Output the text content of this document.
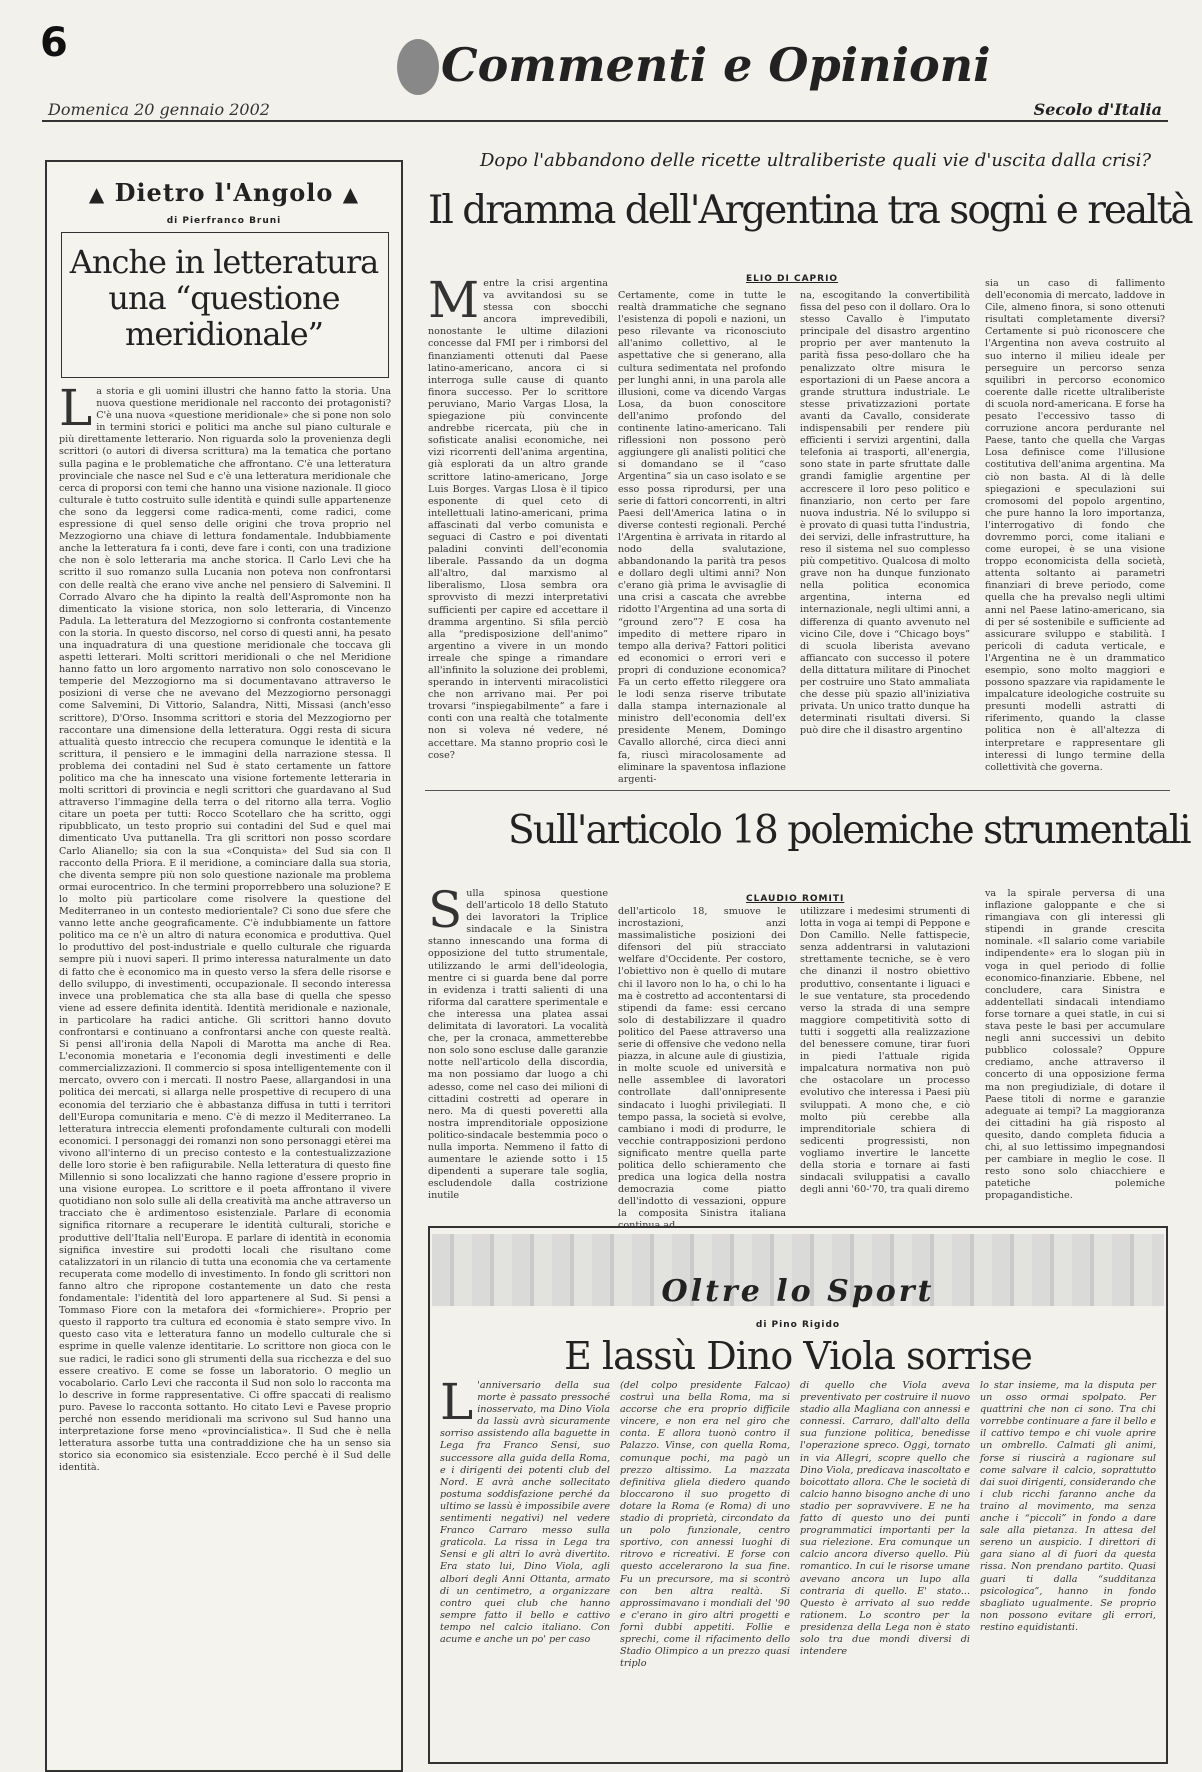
6	Commenti e Opinioni
Domenica 20 gennaio 2002	Secolo d'Italia
▲ Dietro l'Angolo ▲
di Pierfranco Bruni
Anche in letteratura una “questione meridionale”
La storia e gli uomini illustri che hanno fatto la storia. Una nuova questione meridionale nel racconto dei protagonisti? C'è una nuova «questione meridionale» che si pone non solo in termini storici e politici ma anche sul piano culturale e più direttamente letterario. Non riguarda solo la provenienza degli scrittori (o autori di diversa scrittura) ma la tematica che portano sulla pagina e le problematiche che affrontano. C'è una letteratura provinciale che nasce nel Sud e c'è una letteratura meridionale che cerca di proporsi con temi che hanno una visione nazionale. Il gioco culturale è tutto costruito sulle identità e quindi sulle appartenenze che sono da leggersi come radica-menti, come radici, come espressione di quel senso delle origini che trova proprio nel Mezzogiorno una chiave di lettura fondamentale. Indubbiamente anche la letteratura fa i conti, deve fare i conti, con una tradizione che non è solo letteraria ma anche storica. Il Carlo Levi che ha scritto il suo romanzo sulla Lucania non poteva non confrontarsi con delle realtà che erano vive anche nel pensiero di Salvemini. Il Corrado Alvaro che ha dipinto la realtà dell'Aspromonte non ha dimenticato la visione storica, non solo letteraria, di Vincenzo Padula. La letteratura del Mezzogiorno si confronta costantemente con la storia. In questo discorso, nel corso di questi anni, ha pesato una inquadratura di una questione meridionale che toccava gli aspetti letterari. Molti scrittori meridionali o che nel Meridione hanno fatto un loro argomento narrativo non solo conoscevano le temperie del Mezzogiorno ma si documentavano attraverso le posizioni di verse che ne avevano del Mezzogiorno personaggi come Salvemini, Di Vittorio, Salandra, Nitti, Missasi (anch'esso scrittore), D'Orso. Insomma scrittori e storia del Mezzogiorno per raccontare una dimensione della letteratura. Oggi resta di sicura attualità questo intreccio che recupera comunque le identità e la scrittura, il pensiero e le immagini della narrazione stessa. Il problema dei contadini nel Sud è stato certamente un fattore politico ma che ha innescato una visione fortemente letteraria in molti scrittori di provincia e negli scrittori che guardavano al Sud attraverso l'immagine della terra o del ritorno alla terra. Voglio citare un poeta per tutti: Rocco Scotellaro che ha scritto, oggi ripubblicato, un testo proprio sui contadini del Sud e quel mai dimenticato Uva puttanella. Tra gli scrittori non posso scordare Carlo Alianello; sia con la sua «Conquista» del Sud sia con Il racconto della Priora. E il meridione, a cominciare dalla sua storia, che diventa sempre più non solo questione nazionale ma problema ormai eurocentrico. In che termini proporrebbero una soluzione? E lo molto più particolare come risolvere la questione del Mediterraneo in un contesto mediorientale? Ci sono due sfere che vanno lette anche geograficamente. C'è indubbiamente un fattore politico ma ce n'è un altro di natura economica e produttiva. Quel lo produttivo del post-industriale e quello culturale che riguarda sempre più i nuovi saperi. Il primo interessa naturalmente un dato di fatto che è economico ma in questo verso la sfera delle risorse e dello sviluppo, di investimenti, occupazionale. Il secondo interessa invece una problematica che sta alla base di quella che spesso viene ad essere definita identità. Identità meridionale e nazionale, in particolare ha radici antiche. Gli scrittori hanno dovuto confrontarsi e continuano a confrontarsi anche con queste realtà. Si pensi all'ironia della Napoli di Marotta ma anche di Rea. L'economia monetaria e l'economia degli investimenti e delle commercializzazioni. Il commercio si sposa intelligentemente con il mercato, ovvero con i mercati. Il nostro Paese, allargandosi in una politica dei mercati, si allarga nelle prospettive di recupero di una economia del terziario che è abbastanza diffusa in tutti i territori dell'Europa comunitaria e meno. C'è di mezzo il Mediterraneo. La letteratura intreccia elementi profondamente culturali con modelli economici. I personaggi dei romanzi non sono personaggi etèrei ma vivono all'interno di un preciso contesto e la contestualizzazione delle loro storie è ben rafiigurabile. Nella letteratura di questo fine Millennio si sono localizzati che hanno ragione d'essere proprio in una visione europea. Lo scrittore e il poeta affrontano il vivere quotidiano non solo sulle ali della creatività ma anche attraverso un tracciato che è ardimentoso esistenziale. Parlare di economia significa ritornare a recuperare le identità culturali, storiche e produttive dell'Italia nell'Europa. E parlare di identità in economia significa investire sui prodotti locali che risultano come catalizzatori in un rilancio di tutta una economia che va certamente recuperata come modello di investimento. In fondo gli scrittori non fanno altro che ripropone costantemente un dato che resta fondamentale: l'identità del loro appartenere al Sud. Si pensi a Tommaso Fiore con la metafora dei «formichiere». Proprio per questo il rapporto tra cultura ed economia è stato sempre vivo. In questo caso vita e letteratura fanno un modello culturale che si esprime in quelle valenze identitarie. Lo scrittore non gioca con le sue radici, le radici sono gli strumenti della sua ricchezza e del suo essere creativo. E come se fosse un laboratorio. O meglio un vocabolario. Carlo Levi che racconta il Sud non solo lo racconta ma lo descrive in forme rappresentative. Ci offre spaccati di realismo puro. Pavese lo racconta sottanto. Ho citato Levi e Pavese proprio perché non essendo meridionali ma scrivono sul Sud hanno una interpretazione forse meno «provincialistica». Il Sud che è nella letteratura assorbe tutta una contraddizione che ha un senso sia storico sia economico sia esistenziale. Ecco perché è il Sud delle identità.
Dopo l'abbandono delle ricette ultraliberiste quali vie d'uscita dalla crisi?
Il dramma dell'Argentina tra sogni e realtà
ELIO DI CAPRIO
Mentre la crisi argentina va avvitandosi su se stessa con sbocchi ancora imprevedibili, nonostante le ultime dilazioni concesse dal FMI per i rimborsi del finanziamenti ottenuti dal Paese latino-americano, ancora ci si interroga sulle cause di quanto finora successo. Per lo scrittore peruviano, Mario Vargas Llosa, la spiegazione più convincente andrebbe ricercata, più che in sofisticate analisi economiche, nei vizi ricorrenti dell'anima argentina, già esplorati da un altro grande scrittore latino-americano, Jorge Luis Borges. Vargas Llosa è il tipico esponente di quel ceto di intellettuali latino-americani, prima affascinati dal verbo comunista e seguaci di Castro e poi diventati paladini convinti dell'economia liberale. Passando da un dogma all'altro, dal marxismo al liberalismo, Llosa sembra ora sprovvisto di mezzi interpretativi sufficienti per capire ed accettare il dramma argentino. Si sfila perciò alla “predisposizione dell'animo” argentino a vivere in un mondo irreale che spinge a rimandare all'infinito la soluzione dei problemi, sperando in interventi miracolistici che non arrivano mai. Per poi trovarsi “inspiegabilmente” a fare i conti con una realtà che totalmente non si voleva né vedere, né accettare. Ma stanno proprio così le cose?
Certamente, come in tutte le realtà drammatiche che segnano l'esistenza di popoli e nazioni, un peso rilevante va riconosciuto all'animo collettivo, al le aspettative che si generano, alla cultura sedimentata nel profondo per lunghi anni, in una parola alle illusioni, come va dicendo Vargas Losa, da buon conoscitore dell'animo profondo del continente latino-americano. Tali riflessioni non possono però aggiungere gli analisti politici che si domandano se il “caso Argentina” sia un caso isolato e se esso possa riprodursi, per una serie di fattori concorrenti, in altri Paesi dell'America latina o in diverse contesti regionali. Perché l'Argentina è arrivata in ritardo al nodo della svalutazione, abbandonando la parità tra pesos e dollaro degli ultimi anni? Non c'erano già prima le avvisaglie di una crisi a cascata che avrebbe ridotto l'Argentina ad una sorta di “ground zero”? E cosa ha impedito di mettere riparo in tempo alla deriva? Fattori politici ed economici o errori veri e propri di conduzione economica? Fa un certo effetto rileggere ora le lodi senza riserve tributate dalla stampa internazionale al ministro dell'economia dell'ex presidente Menem, Domingo Cavallo allorché, circa dieci anni fa, riuscì miracolosamente ad eliminare la spaventosa inflazione argenti-
na, escogitando la convertibilità fissa del peso con il dollaro. Ora lo stesso Cavallo è l'imputato principale del disastro argentino proprio per aver mantenuto la parità fissa peso-dollaro che ha penalizzato oltre misura le esportazioni di un Paese ancora a grande struttura industriale. Le stesse privatizzazioni portate avanti da Cavallo, considerate indispensabili per rendere più efficienti i servizi argentini, dalla telefonia ai trasporti, all'energia, sono state in parte sfruttate dalle grandi famiglie argentine per accrescere il loro peso politico e finanziario, non certo per fare nuova industria. Né lo sviluppo si è provato di quasi tutta l'industria, dei servizi, delle infrastrutture, ha reso il sistema nel suo complesso più competitivo. Qualcosa di molto grave non ha dunque funzionato nella politica economica argentina, interna ed internazionale, negli ultimi anni, a differenza di quanto avvenuto nel vicino Cile, dove i “Chicago boys” di scuola liberista avevano affiancato con successo il potere della dittatura militare di Pinochet per costruire uno Stato ammaliata che desse più spazio all'iniziativa privata. Un unico tratto dunque ha determinati risultati diversi. Si può dire che il disastro argentino
sia un caso di fallimento dell'economia di mercato, laddove in Cile, almeno finora, si sono ottenuti risultati completamente diversi? Certamente si può riconoscere che l'Argentina non aveva costruito al suo interno il milieu ideale per perseguire un percorso senza squilibri in percorso economico coerente dalle ricette ultraliberiste di scuola nord-americana. E forse ha pesato l'eccessivo tasso di corruzione ancora perdurante nel Paese, tanto che quella che Vargas Losa definisce come l'illusione costitutiva dell'anima argentina. Ma ciò non basta. Al di là delle spiegazioni e speculazioni sui cromosomi del popolo argentino, che pure hanno la loro importanza, l'interrogativo di fondo che dovremmo porci, come italiani e come europei, è se una visione troppo economicista della società, attenta soltanto ai parametri finanziari di breve periodo, come quella che ha prevalso negli ultimi anni nel Paese latino-americano, sia di per sé sostenibile e sufficiente ad assicurare sviluppo e stabilità. I pericoli di caduta verticale, e l'Argentina ne è un drammatico esempio, sono molto maggiori e possono spazzare via rapidamente le impalcature ideologiche costruite su presunti modelli astratti di riferimento, quando la classe politica non è all'altezza di interpretare e rappresentare gli interessi di lungo termine della collettività che governa.
Sull'articolo 18 polemiche strumentali
CLAUDIO ROMITI
Sulla spinosa questione dell'articolo 18 dello Statuto dei lavoratori la Triplice sindacale e la Sinistra stanno innescando una forma di opposizione del tutto strumentale, utilizzando le armi dell'ideologia, mentre ci si guarda bene dal porre in evidenza i tratti salienti di una riforma dal carattere sperimentale e che interessa una platea assai delimitata di lavoratori. La vocalità che, per la cronaca, ammetterebbe non solo sono escluse dalle garanzie notte nell'articolo della discordia, ma non possiamo dar luogo a chi adesso, come nel caso dei milioni di cittadini costretti ad operare in nero. Ma di questi poveretti alla nostra imprenditoriale opposizione politico-sindacale bestemmia poco o nulla importa. Nemmeno il fatto di aumentare le aziende sotto i 15 dipendenti a superare tale soglia, escludendole dalla costrizione inutile
dell'articolo 18, smuove le incrostazioni, anzi massimalistiche posizioni dei difensori del più stracciato welfare d'Occidente. Per costoro, l'obiettivo non è quello di mutare chi il lavoro non lo ha, o chi lo ha ma è costretto ad accontentarsi di stipendi da fame: essi cercano solo di destabilizzare il quadro politico del Paese attraverso una serie di offensive che vedono nella piazza, in alcune aule di giustizia, in molte scuole ed università e nelle assemblee di lavoratori controllate dall'onnipresente sindacato i luoghi privilegiati. Il tempo passa, la società si evolve, cambiano i modi di produrre, le vecchie contrapposizioni perdono significato mentre quella parte politica dello schieramento che predica una logica della nostra democrazia come piatto dell'indotto di vessazioni, oppure la composita Sinistra italiana continua ad
utilizzare i medesimi strumenti di lotta in voga ai tempi di Peppone e Don Camillo. Nelle fattispecie, senza addentrarsi in valutazioni strettamente tecniche, se è vero che dinanzi il nostro obiettivo produttivo, consentante i liguaci e le sue ventature, sta procedendo verso la strada di una sempre maggiore competitività sotto di tutti i soggetti alla realizzazione del benessere comune, tirar fuori in piedi l'attuale rigida impalcatura normativa non può che ostacolare un processo evolutivo che interessa i Paesi più sviluppati. A mono che, e ciò molto più cerebbe alla imprenditoriale schiera di sedicenti progressisti, non vogliamo invertire le lancette della storia e tornare ai fasti sindacali sviluppatisi a cavallo degli anni '60-'70, tra quali diremo
va la spirale perversa di una inflazione galoppante e che si rimangiava con gli interessi gli stipendi in grande crescita nominale. «Il salario come variabile indipendente» era lo slogan più in voga in quel periodo di follie economico-finanziarie. Ebbene, nel concludere, cara Sinistra e addentellati sindacali intendiamo forse tornare a quei statle, in cui si stava peste le basi per accumulare negli anni successivi un debito pubblico colossale? Oppure crediamo, anche attraverso il concerto di una opposizione ferma ma non pregiudiziale, di dotare il Paese titoli di norme e garanzie adeguate ai tempi? La maggioranza dei cittadini ha già risposto al quesito, dando completa fiducia a chi, al suo lettissimo impegnandosi per cambiare in meglio le cose. Il resto sono solo chiacchiere e patetiche polemiche propagandistiche.
Oltre lo Sport
di Pino Rigido
E lassù Dino Viola sorrise
L 'anniversario della sua morte è passato pressoché inosservato, ma Dino Viola da lassù avrà sicuramente sorriso assistendo alla baguette in Lega fra Franco Sensi, suo successore alla guida della Roma, e i dirigenti dei potenti club del Nord. E avrà anche sollecitato postuma soddisfazione perché da ultimo se lassù è impossibile avere sentimenti negativi) nel vedere Franco Carraro messo sulla graticola. La rissa in Lega tra Sensi e gli altri lo avrà divertito. Era stato lui, Dino Viola, agli albori degli Anni Ottanta, armato di un centimetro, a organizzare contro quei club che hanno sempre fatto il bello e cattivo tempo nel calcio italiano. Con acume e anche un po' per caso
(del colpo presidente Falcao) costruì una bella Roma, ma si accorse che era proprio difficile vincere, e non era nel giro che conta. E allora tuonò contro il Palazzo. Vinse, con quella Roma, comunque pochi, ma pagò un prezzo altissimo. La mazzata definitiva gliela diedero quando bloccarono il suo progetto di dotare la Roma (e Roma) di uno stadio di proprietà, circondato da un polo funzionale, centro sportivo, con annessi luoghi di ritrovo e ricreativi. E forse con questo accelerarono la sua fine. Fu un precursore, ma si scontrò con ben altra realtà. Si approssimavano i mondiali del '90 e c'erano in giro altri progetti e fornì dubbi appetiti. Follie e sprechi, come il rifacimento dello Stadio Olimpico a un prezzo quasi triplo
di quello che Viola aveva preventivato per costruire il nuovo stadio alla Magliana con annessi e connessi. Carraro, dall'alto della sua funzione politica, benedisse l'operazione spreco. Oggi, tornato in via Allegri, scopre quello che Dino Viola, predicava inascoltato e boicottato allora. Che le società di calcio hanno bisogno anche di uno stadio per sopravvivere. E ne ha fatto di questo uno dei punti programmatici importanti per la sua rielezione. Era comunque un calcio ancora diverso quello. Più romantico. In cui le risorse umane avevano ancora un lupo alla contraria di quello. E' stato... Questo è arrivato al suo redde rationem. Lo scontro per la presidenza della Lega non è stato solo tra due mondi diversi di intendere
lo star insieme, ma la disputa per un osso ormai spolpato. Per quattrini che non ci sono. Tra chi vorrebbe continuare a fare il bello e il cattivo tempo e chi vuole aprire un ombrello. Calmati gli animi, forse si riuscirà a ragionare sul come salvare il calcio, soprattutto dai suoi dirigenti, considerando che i club ricchi faranno anche da traino al movimento, ma senza anche i “piccoli” in fondo a dare sale alla pietanza. In attesa del sereno un auspicio. I direttori di gara siano al di fuori da questa rissa. Non prendano partito. Quasi guari ti dalla “sudditanza psicologica”, hanno in fondo sbagliato ugualmente. Se proprio non possono evitare gli errori, restino equidistanti.
